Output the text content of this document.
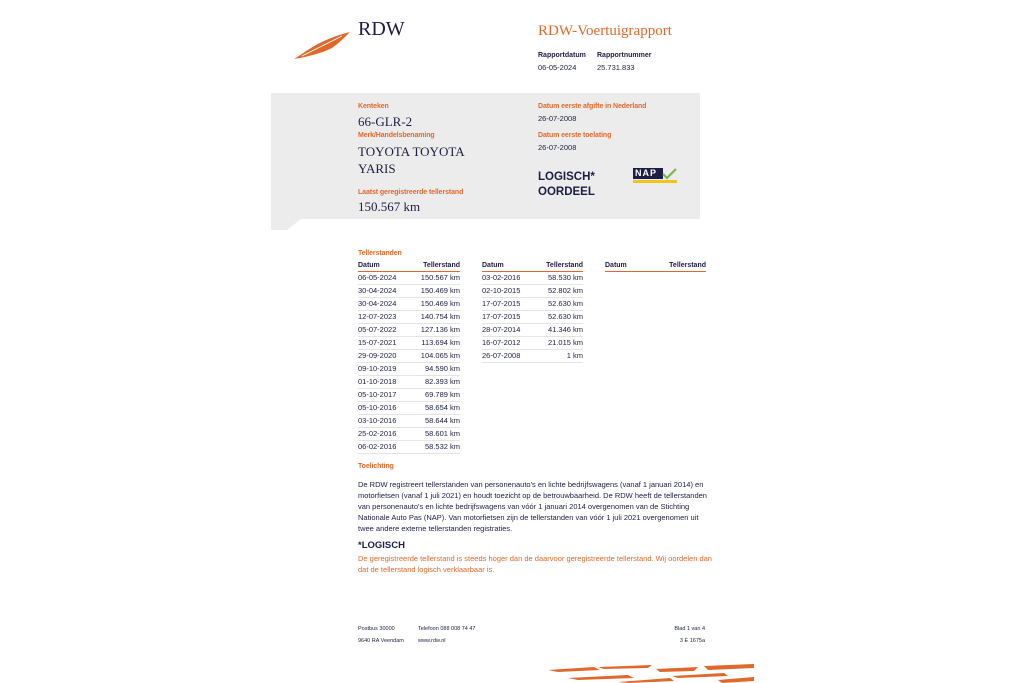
RDW	RDW-Voertuigrapport
Rapportdatum
06-05-2024
Rapportnummer
25.731.833
Kenteken
66-GLR-2
Merk/Handelsbenaming
TOYOTA TOYOTA
YARIS
Laatst geregistreerde tellerstand
150.567 km
Datum eerste afgifte in Nederland
26-07-2008
Datum eerste toelating
26-07-2008
LOGISCH*
OORDEEL
NAP
Tellerstanden
Datum	Tellerstand
06-05-2024	150.567 km
30-04-2024	150.469 km
30-04-2024	150.469 km
12-07-2023	140.754 km
05-07-2022	127.136 km
15-07-2021	113.694 km
29-09-2020	104.065 km
09-10-2019	94.590 km
01-10-2018	82.393 km
05-10-2017	69.789 km
05-10-2016	58.654 km
03-10-2016	58.644 km
25-02-2016	58.601 km
06-02-2016	58.532 km
Datum	Tellerstand
03-02-2016	58.530 km
02-10-2015	52.802 km
17-07-2015	52.630 km
17-07-2015	52.630 km
28-07-2014	41.346 km
16-07-2012	21.015 km
26-07-2008	1 km
Datum	Tellerstand
Toelichting
De RDW registreert tellerstanden van personenauto's en lichte bedrijfswagens (vanaf 1 januari 2014) en
motorfietsen (vanaf 1 juli 2021) en houdt toezicht op de betrouwbaarheid. De RDW heeft de tellerstanden
van personenauto's en lichte bedrijfswagens van vóór 1 januari 2014 overgenomen van de Stichting
Nationale Auto Pas (NAP). Van motorfietsen zijn de tellerstanden van vóór 1 juli 2021 overgenomen uit
twee andere externe tellerstanden registraties.
*LOGISCH
De geregistreerde tellerstand is steeds hoger dan de daarvoor geregistreerde tellerstand. Wij oordelen dan
dat de tellerstand logisch verklaarbaar is.
Postbus 30000
9640 RA Veendam
Telefoon 088 008 74 47
www.rdw.nl
Blad 1 van 4
3 E 1675a
